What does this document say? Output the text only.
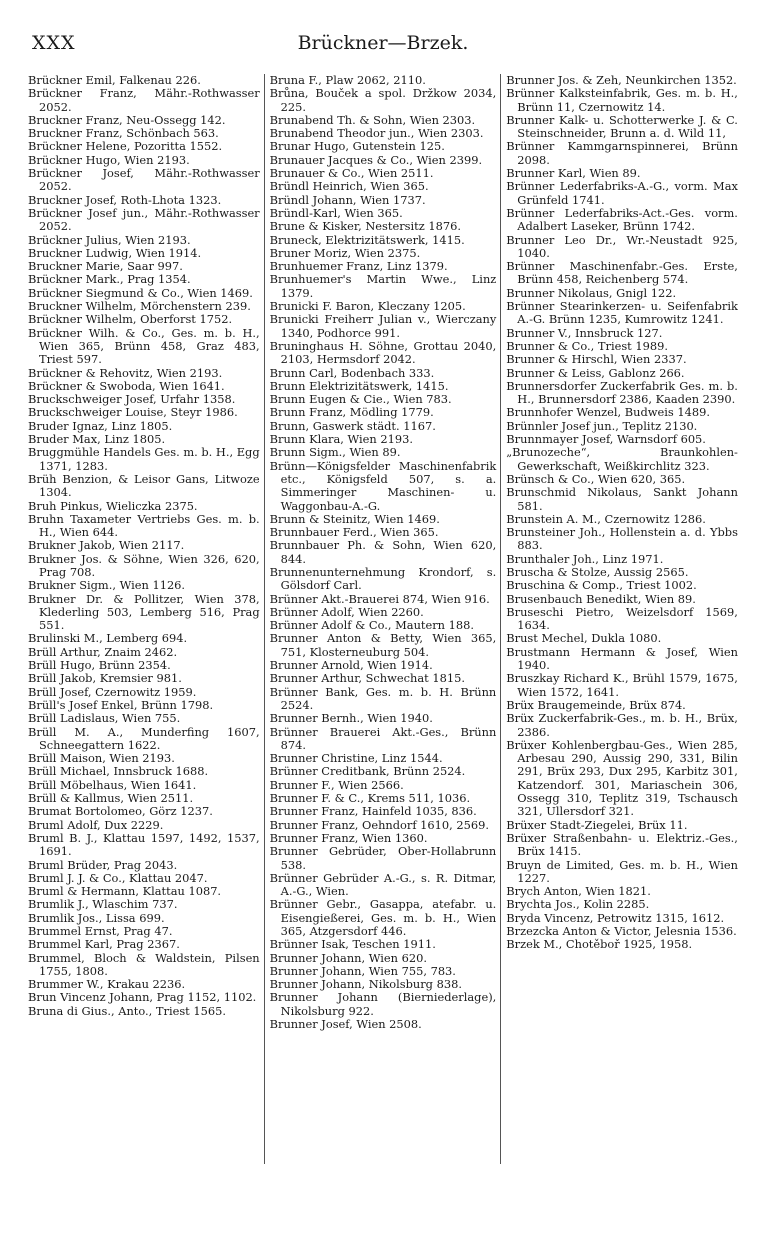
XXX	Brückner—Brzek.
Brückner Emil, Falkenau 226.
Brückner Franz, Mähr.-Rothwasser 2052.
Bruckner Franz, Neu-Ossegg 142.
Bruckner Franz, Schönbach 563.
Brückner Helene, Pozoritta 1552.
Brückner Hugo, Wien 2193.
Brückner Josef, Mähr.-Rothwasser 2052.
Bruckner Josef, Roth-Lhota 1323.
Brückner Josef jun., Mähr.-Rothwasser 2052.
Brückner Julius, Wien 2193.
Bruckner Ludwig, Wien 1914.
Bruckner Marie, Saar 997.
Brückner Mark., Prag 1354.
Brückner Siegmund & Co., Wien 1469.
Bruckner Wilhelm, Mörchenstern 239.
Brückner Wilhelm, Oberforst 1752.
Brückner Wilh. & Co., Ges. m. b. H., Wien 365, Brünn 458, Graz 483, Triest 597.
Brückner & Rehovitz, Wien 2193.
Brückner & Swoboda, Wien 1641.
Bruckschweiger Josef, Urfahr 1358.
Bruckschweiger Louise, Steyr 1986.
Bruder Ignaz, Linz 1805.
Bruder Max, Linz 1805.
Bruggmühle Handels Ges. m. b. H., Egg 1371, 1283.
Brüh Benzion, & Leisor Gans, Litwoze 1304.
Bruh Pinkus, Wieliczka 2375.
Bruhn Taxameter Vertriebs Ges. m. b. H., Wien 644.
Brukner Jakob, Wien 2117.
Brukner Jos. & Söhne, Wien 326, 620, Prag 708.
Brukner Sigm., Wien 1126.
Brukner Dr. & Pollitzer, Wien 378, Klederling 503, Lemberg 516, Prag 551.
Brulinski M., Lemberg 694.
Brüll Arthur, Znaim 2462.
Brüll Hugo, Brünn 2354.
Brüll Jakob, Kremsier 981.
Brüll Josef, Czernowitz 1959.
Brüll's Josef Enkel, Brünn 1798.
Brüll Ladislaus, Wien 755.
Brüll M. A., Munderfing 1607, Schneegattern 1622.
Brüll Maison, Wien 2193.
Brüll Michael, Innsbruck 1688.
Brüll Möbelhaus, Wien 1641.
Brüll & Kallmus, Wien 2511.
Brumat Bortolomeo, Görz 1237.
Bruml Adolf, Dux 2229.
Bruml B. J., Klattau 1597, 1492, 1537, 1691.
Bruml Brüder, Prag 2043.
Bruml J. J. & Co., Klattau 2047.
Bruml & Hermann, Klattau 1087.
Brumlik J., Wlaschim 737.
Brumlik Jos., Lissa 699.
Brummel Ernst, Prag 47.
Brummel Karl, Prag 2367.
Brummel, Bloch & Waldstein, Pilsen 1755, 1808.
Brummer W., Krakau 2236.
Brun Vincenz Johann, Prag 1152, 1102.
Bruna di Gius., Anto., Triest 1565.
Bruna F., Plaw 2062, 2110.
Brůna, Bouček a spol. Držkow 2034, 225.
Brunabend Th. & Sohn, Wien 2303.
Brunabend Theodor jun., Wien 2303.
Brunar Hugo, Gutenstein 125.
Brunauer Jacques & Co., Wien 2399.
Brunauer & Co., Wien 2511.
Bründl Heinrich, Wien 365.
Bründl Johann, Wien 1737.
Bründl-Karl, Wien 365.
Brune & Kisker, Nestersitz 1876.
Bruneck, Elektrizitätswerk, 1415.
Bruner Moriz, Wien 2375.
Brunhuemer Franz, Linz 1379.
Brunhuemer's Martin Wwe., Linz 1379.
Brunicki F. Baron, Kleczany 1205.
Brunicki Freiherr Julian v., Wierczany 1340, Podhorce 991.
Bruninghaus H. Söhne, Grottau 2040, 2103, Hermsdorf 2042.
Brunn Carl, Bodenbach 333.
Brunn Elektrizitätswerk, 1415.
Brunn Eugen & Cie., Wien 783.
Brunn Franz, Mödling 1779.
Brunn, Gaswerk städt. 1167.
Brunn Klara, Wien 2193.
Brunn Sigm., Wien 89.
Brünn—Königsfelder Maschinenfabrik etc., Königsfeld 507, s. a. Simmeringer Maschinen- u. Waggonbau-A.-G.
Brunn & Steinitz, Wien 1469.
Brunnbauer Ferd., Wien 365.
Brunnbauer Ph. & Sohn, Wien 620, 844.
Brunnenunternehmung Krondorf, s. Gölsdorf Carl.
Brünner Akt.-Brauerei 874, Wien 916.
Brünner Adolf, Wien 2260.
Brünner Adolf & Co., Mautern 188.
Brunner Anton & Betty, Wien 365, 751, Klosterneuburg 504.
Brunner Arnold, Wien 1914.
Brunner Arthur, Schwechat 1815.
Brünner Bank, Ges. m. b. H. Brünn 2524.
Brunner Bernh., Wien 1940.
Brünner Brauerei Akt.-Ges., Brünn 874.
Brunner Christine, Linz 1544.
Brünner Creditbank, Brünn 2524.
Brunner F., Wien 2566.
Brunner F. & C., Krems 511, 1036.
Brunner Franz, Hainfeld 1035, 836.
Brunner Franz, Oehndorf 1610, 2569.
Brunner Franz, Wien 1360.
Brunner Gebrüder, Ober-Hollabrunn 538.
Brünner Gebrüder A.-G., s. R. Ditmar, A.-G., Wien.
Brünner Gebr., Gasappa, atefabr. u. Eisengießerei, Ges. m. b. H., Wien 365, Atzgersdorf 446.
Brünner Isak, Teschen 1911.
Brunner Johann, Wien 620.
Brunner Johann, Wien 755, 783.
Brunner Johann, Nikolsburg 838.
Brunner Johann (Bierniederlage), Nikolsburg 922.
Brunner Josef, Wien 2508.
Brunner Jos. & Zeh, Neunkirchen 1352.
Brünner Kalksteinfabrik, Ges. m. b. H., Brünn 11, Czernowitz 14.
Brunner Kalk- u. Schotterwerke J. & C. Steinschneider, Brunn a. d. Wild 11,
Brünner Kammgarnspinnerei, Brünn 2098.
Brunner Karl, Wien 89.
Brünner Lederfabriks-A.-G., vorm. Max Grünfeld 1741.
Brünner Lederfabriks-Act.-Ges. vorm. Adalbert Laseker, Brünn 1742.
Brunner Leo Dr., Wr.-Neustadt 925, 1040.
Brünner Maschinenfabr.-Ges. Erste, Brünn 458, Reichenberg 574.
Brunner Nikolaus, Gnigl 122.
Brünner Stearinkerzen- u. Seifenfabrik A.-G. Brünn 1235, Kumrowitz 1241.
Brunner V., Innsbruck 127.
Brunner & Co., Triest 1989.
Brunner & Hirschl, Wien 2337.
Brunner & Leiss, Gablonz 266.
Brunnersdorfer Zuckerfabrik Ges. m. b. H., Brunnersdorf 2386, Kaaden 2390.
Brunnhofer Wenzel, Budweis 1489.
Brünnler Josef jun., Teplitz 2130.
Brunnmayer Josef, Warnsdorf 605.
„Brunozeche“, Braunkohlen-Gewerkschaft, Weißkirchlitz 323.
Brünsch & Co., Wien 620, 365.
Brunschmid Nikolaus, Sankt Johann 581.
Brunstein A. M., Czernowitz 1286.
Brunsteiner Joh., Hollenstein a. d. Ybbs 883.
Brunthaler Joh., Linz 1971.
Bruscha & Stolze, Aussig 2565.
Bruschina & Comp., Triest 1002.
Brusenbauch Benedikt, Wien 89.
Bruseschi Pietro, Weizelsdorf 1569, 1634.
Brust Mechel, Dukla 1080.
Brustmann Hermann & Josef, Wien 1940.
Bruszkay Richard K., Brühl 1579, 1675, Wien 1572, 1641.
Brüx Braugemeinde, Brüx 874.
Brüx Zuckerfabrik-Ges., m. b. H., Brüx, 2386.
Brüxer Kohlenbergbau-Ges., Wien 285, Arbesau 290, Aussig 290, 331, Bilin 291, Brüx 293, Dux 295, Karbitz 301, Katzendorf. 301, Mariaschein 306, Ossegg 310, Teplitz 319, Tschausch 321, Ullersdorf 321.
Brüxer Stadt-Ziegelei, Brüx 11.
Brüxer Straßenbahn- u. Elektriz.-Ges., Brüx 1415.
Bruyn de Limited, Ges. m. b. H., Wien 1227.
Brych Anton, Wien 1821.
Brychta Jos., Kolin 2285.
Bryda Vincenz, Petrowitz 1315, 1612.
Brzezcka Anton & Victor, Jelesnia 1536.
Brzek M., Chotěboř 1925, 1958.
